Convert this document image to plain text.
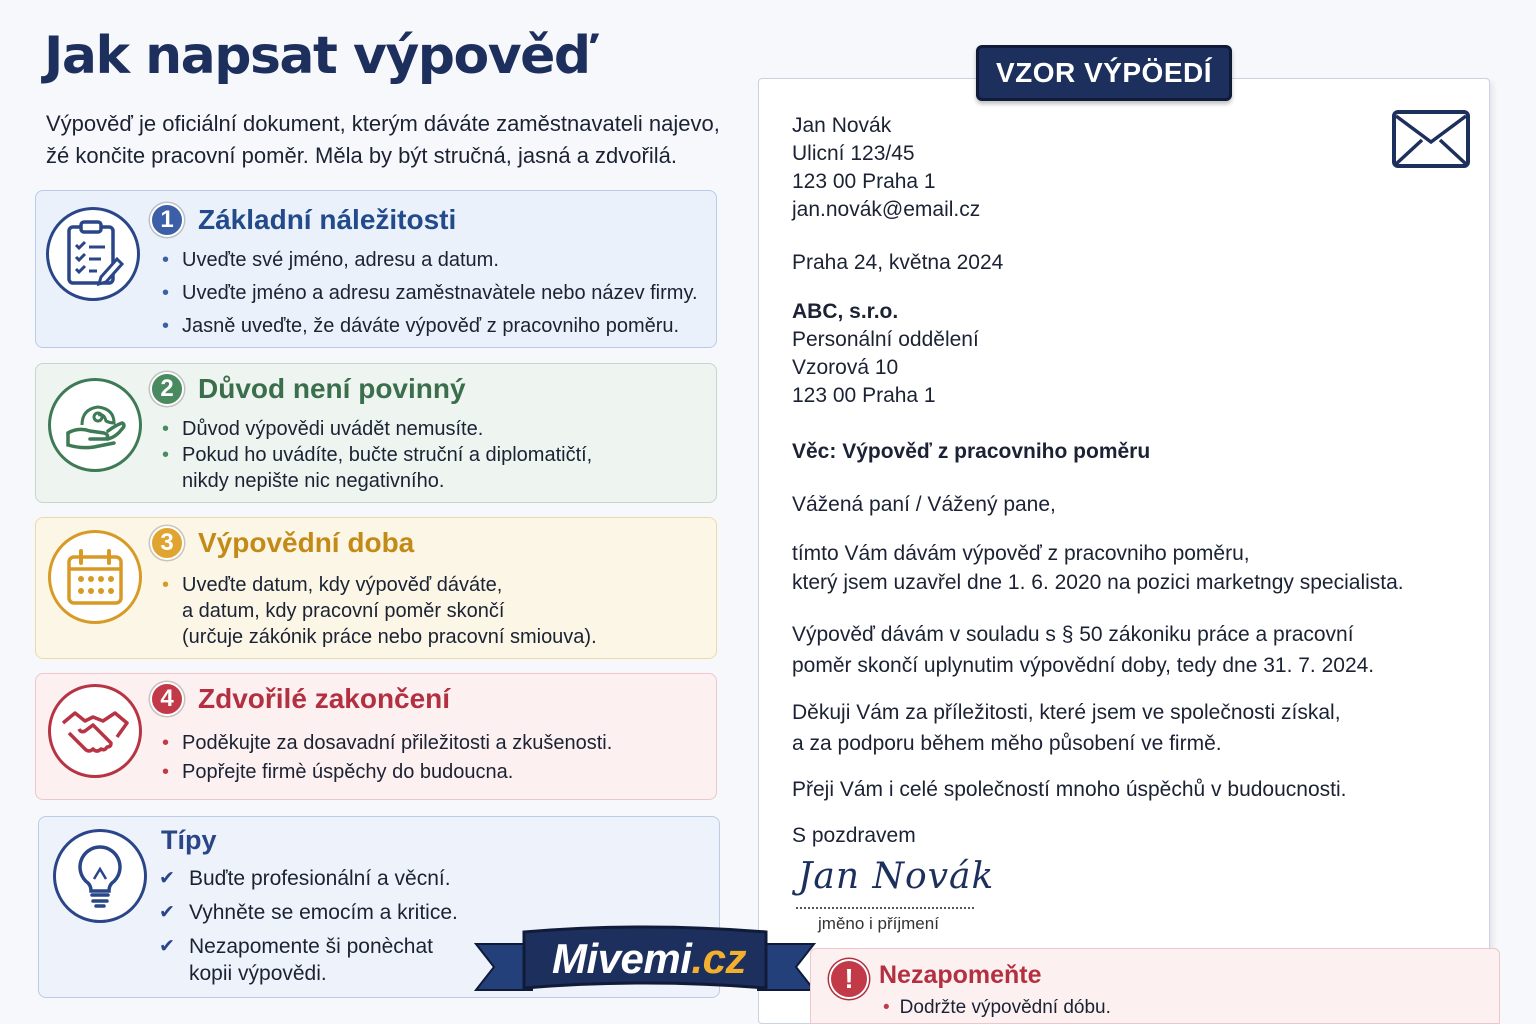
Jak napsat výpověď
Výpověď je oficiální dokument, kterým dáváte zaměstnavateli najevo,
žé končite pracovní poměr. Měla by být stručná, jasná a zdvořilá.
1 Základní náležitosti
• Uveďte své jméno, adresu a datum.
• Uveďte jméno a adresu zaměstnavàtele nebo název firmy.
• Jasně uveďte, že dáváte výpověď z pracovniho poměru.
2 Důvod není povinný
• Důvod výpovědi uvádět nemusíte.
• Pokud ho uvádíte, bučte struční a diplomatičtí,
nikdy nepište nic negativního.
3 Výpovědní doba
• Uveďte datum, kdy výpověď dáváte,
a datum, kdy pracovní poměr skončí
(určuje zákónik práce nebo pracovní smiouva).
4 Zdvořilé zakončení
• Poděkujte za dosavadní přiležitosti a zkušenosti.
• Popřejte firmè úspěchy do budoucna.
Típy
✔ Buďte profesionální a věcní.
✔ Vyhněte se emocím a kritice.
✔ Nezapomente ši ponèchat
kopii výpovědi.
VZOR VÝPÖEDÍ
Jan Novák
Ulicní 123/45
123 00 Praha 1
jan.novák@email.cz
Praha 24, května 2024
ABC, s.r.o.
Personální oddělení
Vzorová 10
123 00 Praha 1
Věc: Výpověď z pracovniho poměru
Vážená paní / Vážený pane,
tímto Vám dávám výpověď z pracovniho poměru,
který jsem uzavřel dne 1. 6. 2020 na pozici marketngy specialista.
Výpověď dávám v souladu s § 50 zákoniku práce a pracovní
poměr skončí uplynutim výpovědní doby, tedy dne 31. 7. 2024.
Děkuji Vám za příležitosti, které jsem ve společnosti získal,
a za podporu během měho působení ve firmě.
Přeji Vám i celé společností mnoho úspěchů v budoucnosti.
S pozdravem
Jan Novák
jměno i příjmení
Mivemi .cz	!	Nezapomeňte
• Dodržte výpovědní dóbu.
